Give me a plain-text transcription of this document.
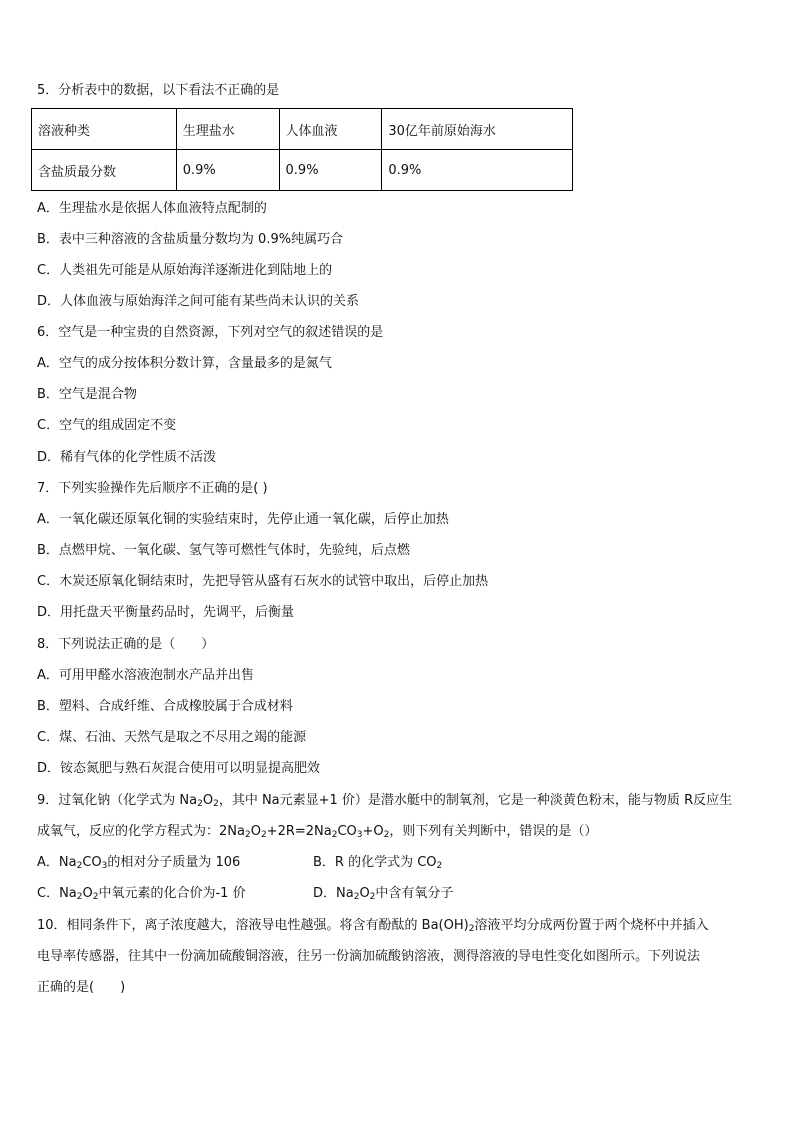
5．分析表中的数据，以下看法不正确的是
溶液种类	生理盐水	人体血液	30亿年前原始海水
含盐质最分数	0.9%	0.9%	0.9%
A．生理盐水是依据人体血液特点配制的
B．表中三种溶液的含盐质量分数均为 0.9%纯属巧合
C．人类祖先可能是从原始海洋逐渐进化到陆地上的
D．人体血液与原始海洋之间可能有某些尚未认识的关系
6．空气是一种宝贵的自然资源，下列对空气的叙述错误的是
A．空气的成分按体积分数计算，含量最多的是氮气
B．空气是混合物
C．空气的组成固定不变
D．稀有气体的化学性质不活泼
7．下列实验操作先后顺序不正确的是( )
A．一氧化碳还原氧化铜的实验结束时，先停止通一氧化碳，后停止加热
B．点燃甲烷、一氧化碳、氢气等可燃性气体时，先验纯，后点燃
C．木炭还原氧化铜结束时，先把导管从盛有石灰水的试管中取出，后停止加热
D．用托盘天平衡量药品时，先调平，后衡量
8．下列说法正确的是（　　）
A．可用甲醛水溶液泡制水产品并出售
B．塑料、合成纤维、合成橡胶属于合成材料
C．煤、石油、天然气是取之不尽用之竭的能源
D．铵态氮肥与熟石灰混合使用可以明显提高肥效
9．过氧化钠（化学式为 $Na_2O_2$，其中 Na元素显+1 价）是潜水艇中的制氧剂，它是一种淡黄色粉末，能与物质 R反应生
成氧气，反应的化学方程式为：$2Na_2O_2+2R=2Na_2CO_3+O_2$，则下列有关判断中，错误的是（）
A．$Na_2CO_3$的相对分子质量为 106	B．R 的化学式为 $CO_2$
C．$Na_2O_2$中氧元素的化合价为-1 价	D．$Na_2O_2$中含有氧分子
10．相同条件下，离子浓度越大，溶液导电性越强。将含有酚酞的 $Ba(OH)_2$溶液平均分成两份置于两个烧杯中并插入
电导率传感器，往其中一份滴加硫酸铜溶液，往另一份滴加硫酸钠溶液，测得溶液的导电性变化如图所示。下列说法
正确的是(　　)
